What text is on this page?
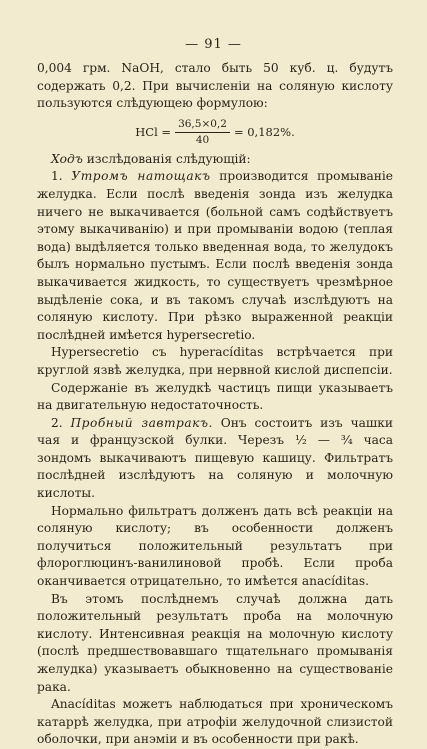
— 91 —

0,004 грм. NaOH, стало быть 50 куб. ц. будутъ содержать 0,2. При вычисленіи на соляную кислоту пользуются слѣдующею формулою:

HCl = $\frac{36,5\times 0,2}{40} = 0,182\%$.

Ходъ изслѣдованія слѣдующій:

1. Утромъ натощакъ производится промываніе желудка. Если послѣ введенія зонда изъ желудка ничего не выкачивается (больной самъ содѣйствуетъ этому выкачиванію) и при промываніи водою (теплая вода) выдѣляется только введенная вода, то желудокъ былъ нормально пустымъ. Если послѣ введенія зонда выкачивается жидкость, то существуетъ чрезмѣрное выдѣленіе сока, и въ такомъ случаѣ изслѣдуютъ на соляную кислоту. При рѣзко выраженной реакціи послѣдней имѣется hypersecretio.

Hypersecretio съ hyperacíditas встрѣчается при круглой язвѣ желудка, при нервной кислой диспепсіи.

Содержаніе въ желудкѣ частицъ пищи указываетъ на двигательную недостаточность.

2. Пробный завтракъ. Онъ состоитъ изъ чашки чая и французской булки. Черезъ ½ — ¾ часа зондомъ выкачиваютъ пищевую кашицу. Фильтратъ послѣдней изслѣдуютъ на соляную и молочную кислоты.

Нормально фильтратъ долженъ дать всѣ реакціи на соляную кислоту; въ особенности долженъ получиться положительный результатъ при флороглюцинъ-ванилиновой пробѣ. Если проба оканчивается отрицательно, то имѣется anacíditas.

Въ этомъ послѣднемъ случаѣ должна дать положительный результатъ проба на молочную кислоту. Интенсивная реакція на молочную кислоту (послѣ предшествовавшаго тщательнаго промыванія желудка) указываетъ обыкновенно на существованіе рака.

Anacíditas можетъ наблюдаться при хроническомъ катаррѣ желудка, при атрофіи желудочной слизистой оболочки, при анэміи и въ особенности при ракѣ.
